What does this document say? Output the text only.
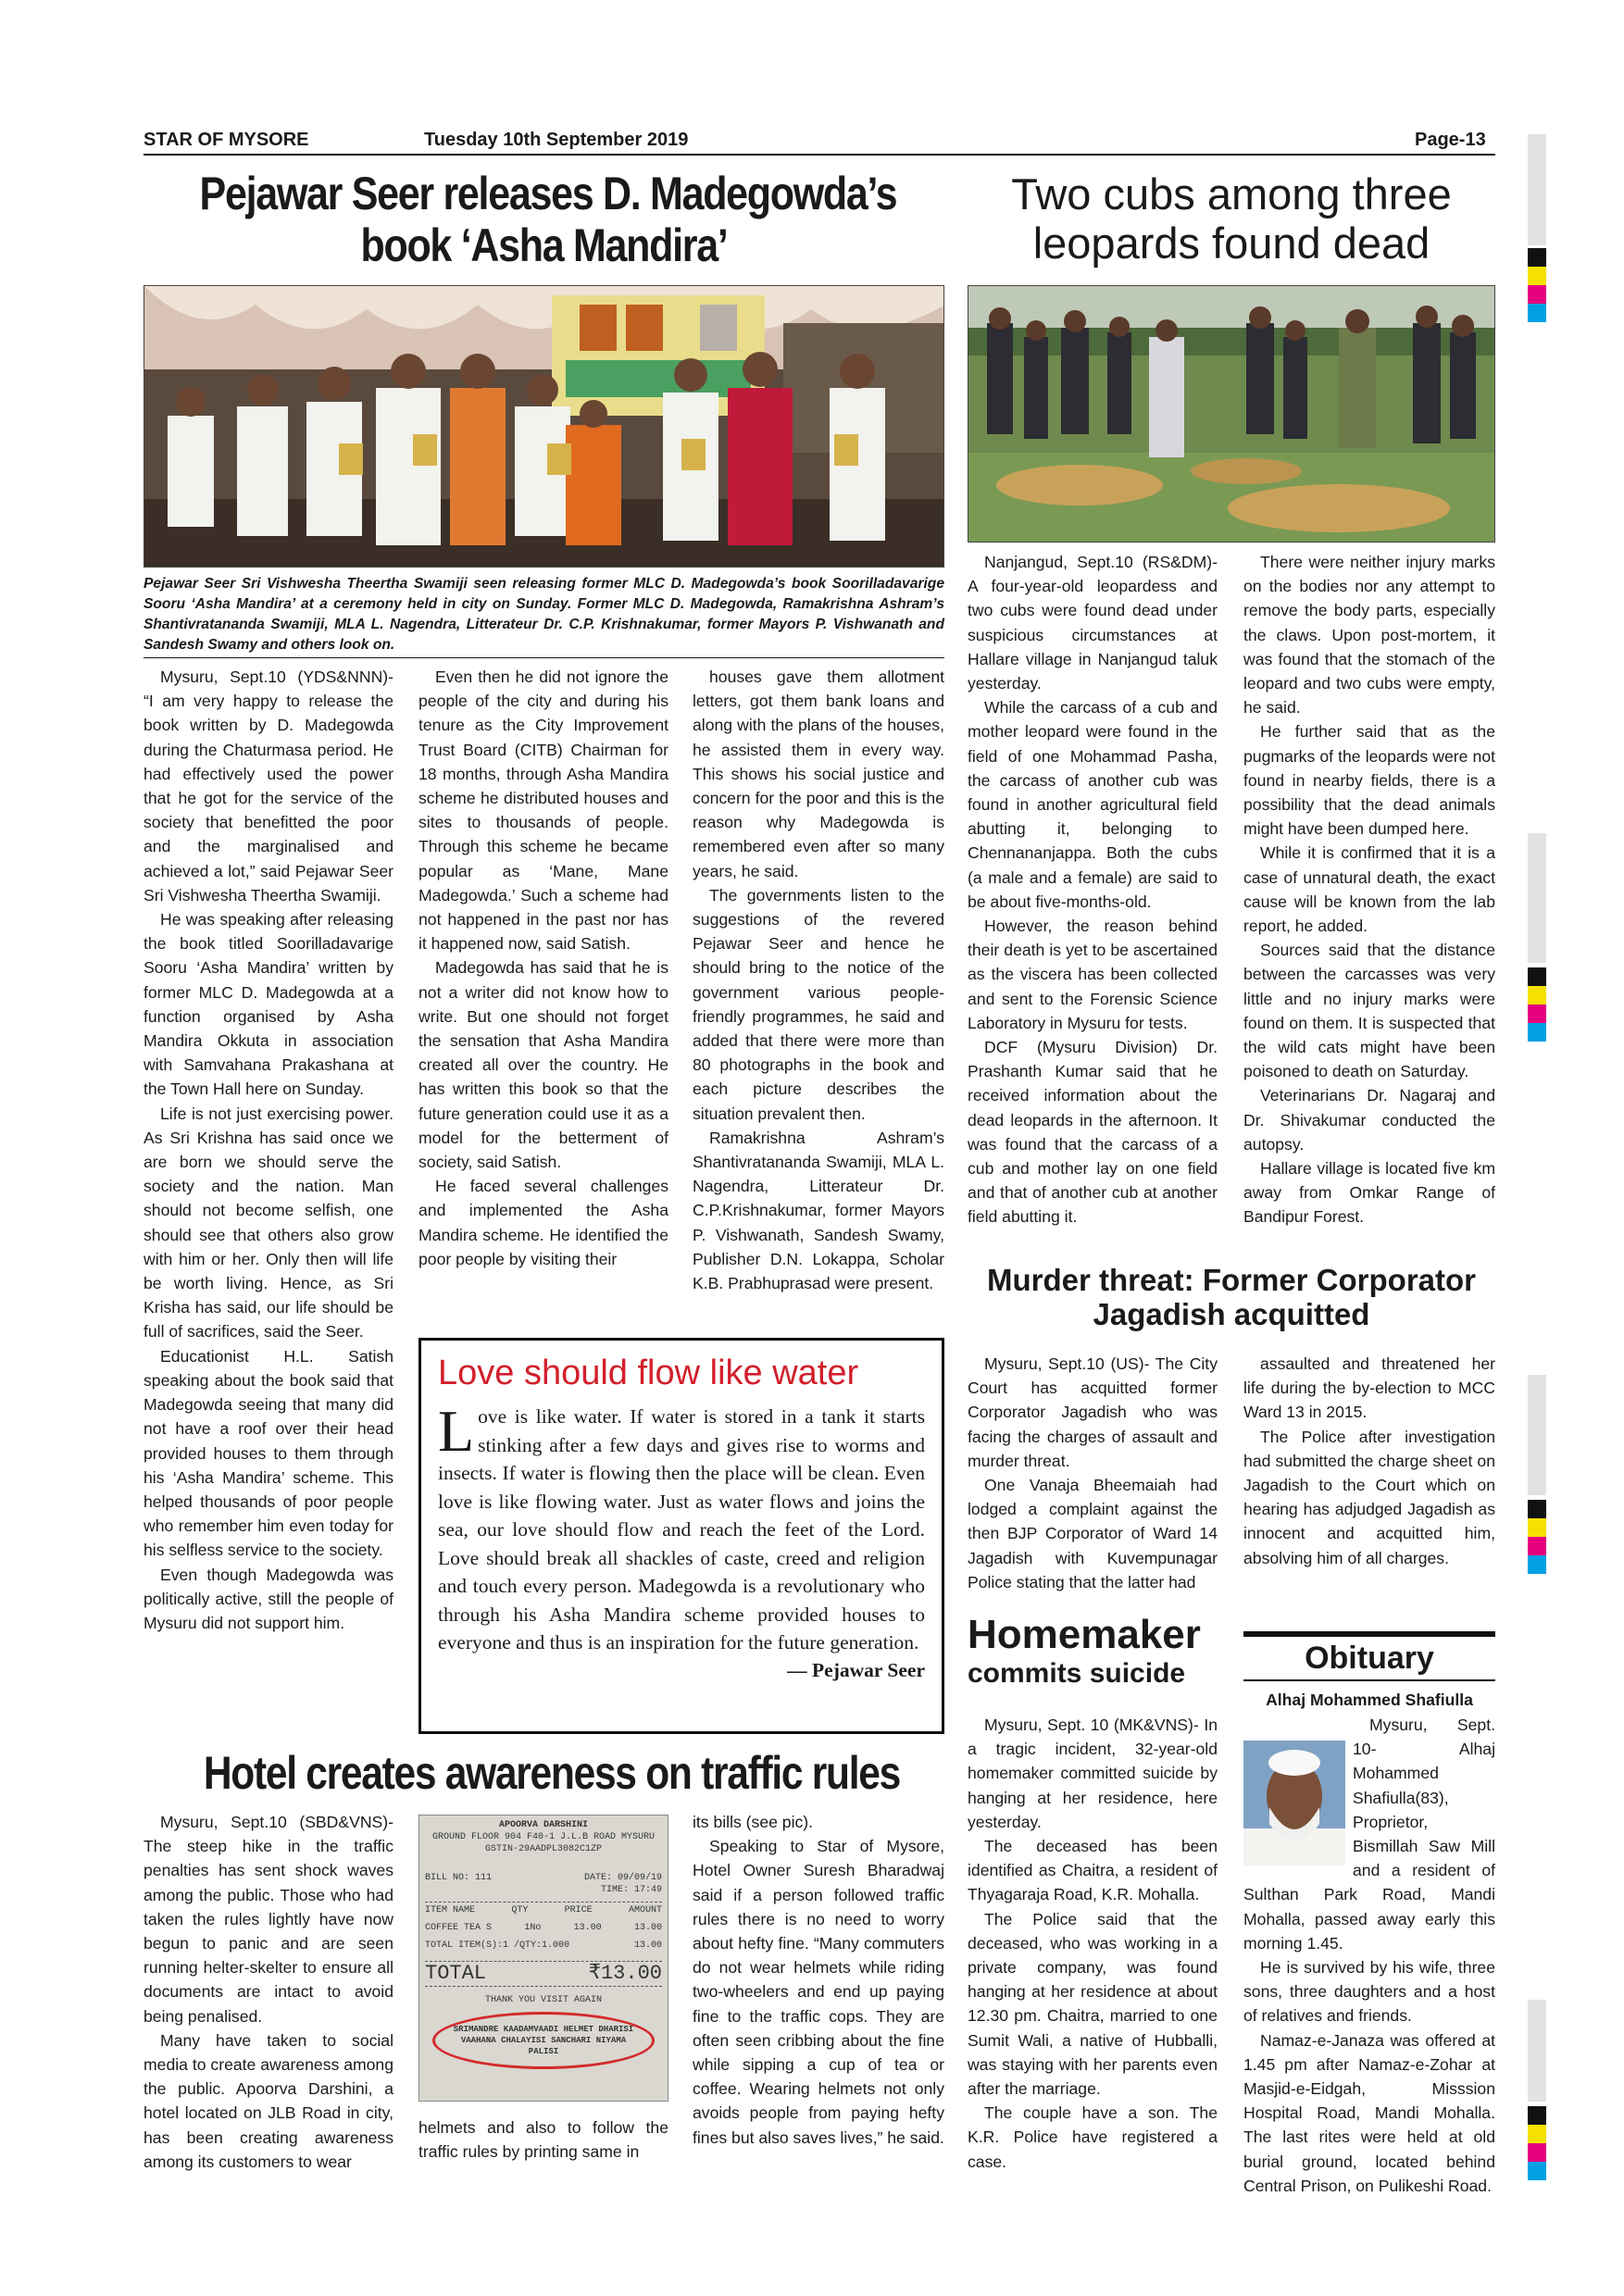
STAR OF MYSORE	Tuesday 10th September 2019	Page-13
Pejawar Seer releases D. Madegowda’s
book ‘Asha Mandira’
Pejawar Seer Sri Vishwesha Theertha Swamiji seen releasing former MLC D. Madegowda’s book Soorilladavarige Sooru ‘Asha Mandira’ at a ceremony held in city on Sunday. Former MLC D. Madegowda, Ramakrishna Ashram’s Shantivratananda Swamiji, MLA L. Nagendra, Litterateur Dr. C.P. Krishnakumar, former Mayors P. Vishwanath and Sandesh Swamy and others look on.

Mysuru, Sept.10 (YDS&NNN)- “I am very happy to release the book written by D. Madegowda during the Chaturmasa period. He had effectively used the power that he got for the service of the society that benefitted the poor and the marginalised and achieved a lot,” said Pejawar Seer Sri Vishwesha Theertha Swamiji.

He was speaking after releasing the book titled Soorilladavarige Sooru ‘Asha Mandira’ written by former MLC D. Madegowda at a function organised by Asha Mandira Okkuta in association with Samvahana Prakashana at the Town Hall here on Sunday.

Life is not just exercising power. As Sri Krishna has said once we are born we should serve the society and the nation. Man should not become selfish, one should see that others also grow with him or her. Only then will life be worth living. Hence, as Sri Krisha has said, our life should be full of sacrifices, said the Seer.

Educationist H.L. Satish speaking about the book said that Madegowda seeing that many did not have a roof over their head provided houses to them through his ‘Asha Mandira’ scheme. This helped thousands of poor people who remember him even today for his selfless service to the society.

Even though Madegowda was politically active, still the people of Mysuru did not support him.

Even then he did not ignore the people of the city and during his tenure as the City Improvement Trust Board (CITB) Chairman for 18 months, through Asha Mandira scheme he distributed houses and sites to thousands of people. Through this scheme he became popular as ‘Mane, Mane Madegowda.’ Such a scheme had not happened in the past nor has it happened now, said Satish.

Madegowda has said that he is not a writer did not know how to write. But one should not forget the sensation that Asha Mandira created all over the country. He has written this book so that the future generation could use it as a model for the betterment of society, said Satish.

He faced several challenges and implemented the Asha Mandira scheme. He identified the poor people by visiting their

houses gave them allotment letters, got them bank loans and along with the plans of the houses, he assisted them in every way. This shows his social justice and concern for the poor and this is the reason why Madegowda is remembered even after so many years, he said.

The governments listen to the suggestions of the revered Pejawar Seer and hence he should bring to the notice of the government various people-friendly programmes, he said and added that there were more than 80 photographs in the book and each picture describes the situation prevalent then.

Ramakrishna Ashram’s Shantivratananda Swamiji, MLA L. Nagendra, Litterateur Dr. C.P.Krishnakumar, former Mayors P. Vishwanath, Sandesh Swamy, Publisher D.N. Lokappa, Scholar K.B. Prabhuprasad were present.

Love should flow like water
Love is like water. If water is stored in a tank it starts stinking after a few days and gives rise to worms and insects. If water is flowing then the place will be clean. Even love is like flowing water. Just as water flows and joins the sea, our love should flow and reach the feet of the Lord. Love should break all shackles of caste, creed and religion and touch every person. Madegowda is a revolutionary who through his Asha Mandira scheme provided houses to everyone and thus is an inspiration for the future generation.
— Pejawar Seer
Two cubs among three
leopards found dead

Nanjangud, Sept.10 (RS&DM)- A four-year-old leopardess and two cubs were found dead under suspicious circumstances at Hallare village in Nanjangud taluk yesterday.

While the carcass of a cub and mother leopard were found in the field of one Mohammad Pasha, the carcass of another cub was found in another agricultural field abutting it, belonging to Chennananjappa. Both the cubs (a male and a female) are said to be about five-months-old.

However, the reason behind their death is yet to be ascertained as the viscera has been collected and sent to the Forensic Science Laboratory in Mysuru for tests.

DCF (Mysuru Division) Dr. Prashanth Kumar said that he received information about the dead leopards in the afternoon. It was found that the carcass of a cub and mother lay on one field and that of another cub at another field abutting it.

There were neither injury marks on the bodies nor any attempt to remove the body parts, especially the claws. Upon post-mortem, it was found that the stomach of the leopard and two cubs were empty, he said.

He further said that as the pugmarks of the leopards were not found in nearby fields, there is a possibility that the dead animals might have been dumped here.

While it is confirmed that it is a case of unnatural death, the exact cause will be known from the lab report, he added.

Sources said that the distance between the carcasses was very little and no injury marks were found on them. It is suspected that the wild cats might have been poisoned to death on Saturday.

Veterinarians Dr. Nagaraj and Dr. Shivakumar conducted the autopsy.

Hallare village is located five km away from Omkar Range of Bandipur Forest.

Murder threat: Former Corporator
Jagadish acquitted

Mysuru, Sept.10 (US)- The City Court has acquitted former Corporator Jagadish who was facing the charges of assault and murder threat.

One Vanaja Bheemaiah had lodged a complaint against the then BJP Corporator of Ward 14 Jagadish with Kuvempunagar Police stating that the latter had

assaulted and threatened her life during the by-election to MCC Ward 13 in 2015.

The Police after investigation had submitted the charge sheet on Jagadish to the Court which on hearing has adjudged Jagadish as innocent and acquitted him, absolving him of all charges.

Homemaker
commits suicide

Mysuru, Sept. 10 (MK&VNS)- In a tragic incident, 32-year-old homemaker committed suicide by hanging at her residence, here yesterday.

The deceased has been identified as Chaitra, a resident of Thyagaraja Road, K.R. Mohalla.

The Police said that the deceased, who was working in a private company, was found hanging at her residence at about 12.30 pm. Chaitra, married to one Sumit Wali, a native of Hubballi, was staying with her parents even after the marriage.

The couple have a son. The K.R. Police have registered a case.

Obituary
Alhaj Mohammed Shafiulla

Mysuru, Sept. 10- Alhaj Mohammed Shafiulla(83), Proprietor, Bismillah Saw Mill and a resident of Sulthan Park Road, Mandi Mohalla, passed away early this morning 1.45.

He is survived by his wife, three sons, three daughters and a host of relatives and friends.

Namaz-e-Janaza was offered at 1.45 pm after Namaz-e-Zohar at Masjid-e-Eidgah, Misssion Hospital Road, Mandi Mohalla. The last rites were held at old burial ground, located behind Central Prison, on Pulikeshi Road.

Hotel creates awareness on traffic rules

Mysuru, Sept.10 (SBD&VNS)- The steep hike in the traffic penalties has sent shock waves among the public. Those who had taken the rules lightly have now begun to panic and are seen running helter-skelter to ensure all documents are intact to avoid being penalised.

Many have taken to social media to create awareness among the public. Apoorva Darshini, a hotel located on JLB Road in city, has been creating awareness among its customers to wear

APOORVA DARSHINI
GROUND FLOOR 904 F40-1 J.L.B ROAD MYSURU
GSTIN-29AADPL3082C1ZP
BILL NO: 111	DATE: 09/09/19
TIME: 17:49
ITEM NAME	QTY	PRICE	AMOUNT
COFFEE TEA S	1No	13.00	13.00
TOTAL ITEM(S):1 /QTY:1.000	13.00
TOTAL	₹13.00
THANK YOU VISIT AGAIN
SRIMANDRE KAADAMVAADI HELMET DHARISI VAAHANA CHALAYISI SANCHARI NIYAMA PALISI

helmets and also to follow the traffic rules by printing same in

its bills (see pic).

Speaking to Star of Mysore, Hotel Owner Suresh Bharadwaj said if a person followed traffic rules there is no need to worry about hefty fine. “Many commuters do not wear helmets while riding two-wheelers and end up paying fine to the traffic cops. They are often seen cribbing about the fine while sipping a cup of tea or coffee. Wearing helmets not only avoids people from paying hefty fines but also saves lives,” he said.
